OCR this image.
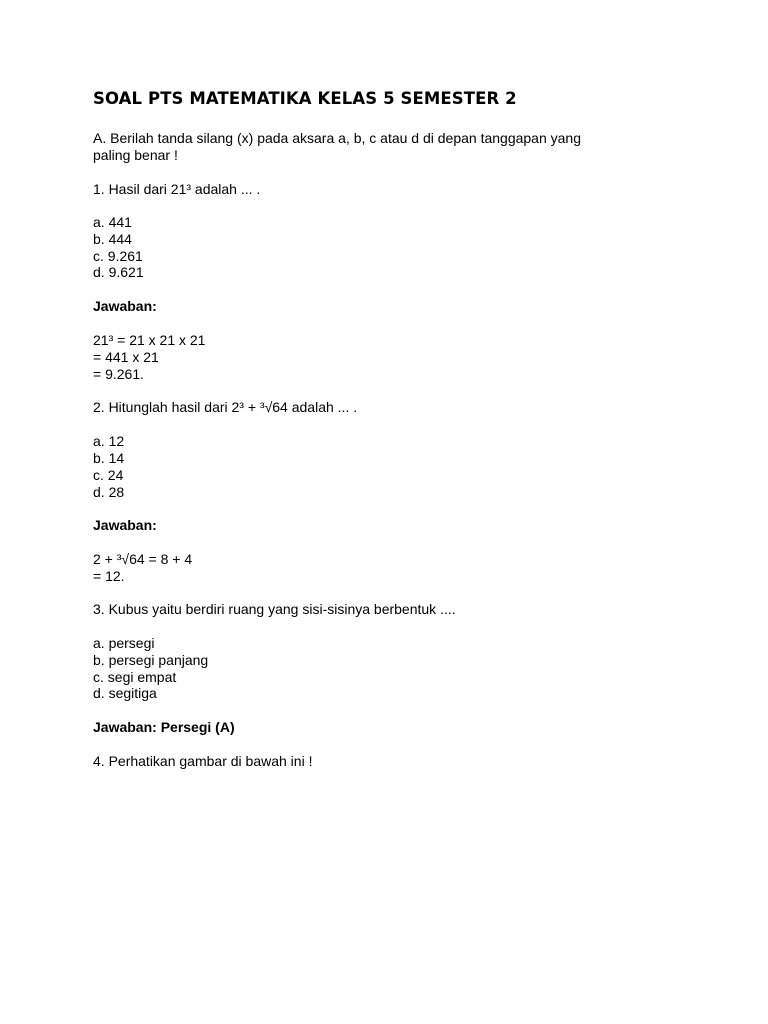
SOAL PTS MATEMATIKA KELAS 5 SEMESTER 2
A. Berilah tanda silang (x) pada aksara a, b, c atau d di depan tanggapan yang
paling benar !
1. Hasil dari 21³ adalah ... .
a. 441
b. 444
c. 9.261
d. 9.621
Jawaban:
21³ = 21 x 21 x 21
= 441 x 21
= 9.261.
2. Hitunglah hasil dari 2³ + ³√64 adalah ... .
a. 12
b. 14
c. 24
d. 28
Jawaban:
2 + ³√64 = 8 + 4
= 12.
3. Kubus yaitu berdiri ruang yang sisi-sisinya berbentuk ....
a. persegi
b. persegi panjang
c. segi empat
d. segitiga
Jawaban: Persegi (A)
4. Perhatikan gambar di bawah ini !
